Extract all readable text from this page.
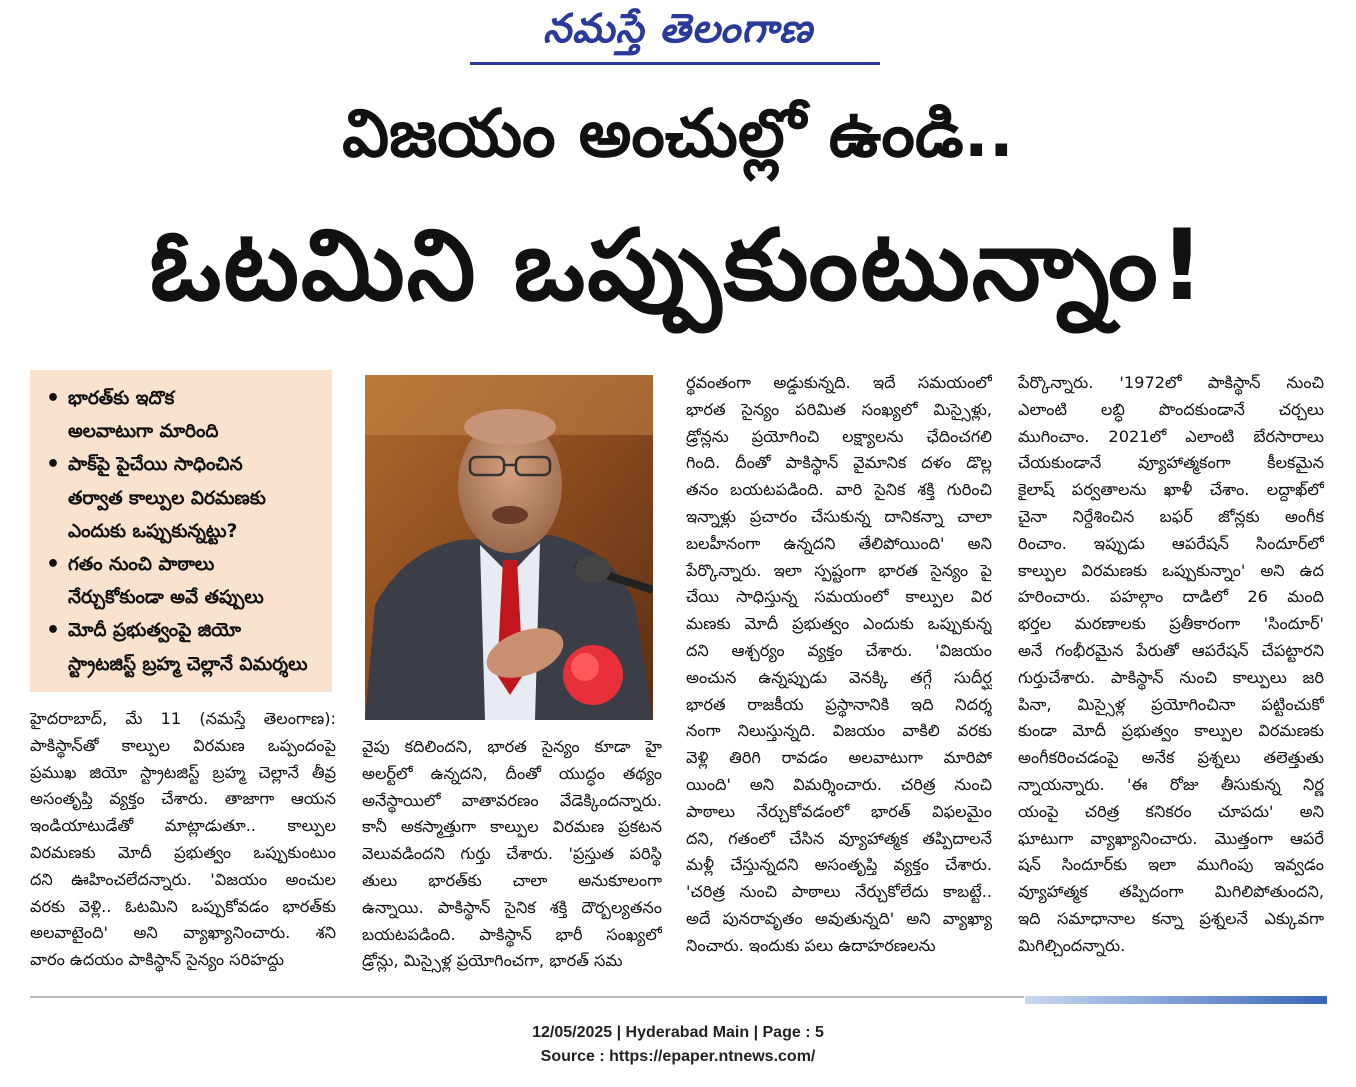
నమస్తే తెలంగాణ
విజయం అంచుల్లో ఉండి..
ఓటమిని ఒప్పుకుంటున్నాం!
భారత్‌కు ఇదొక
•
అలవాటుగా మారింది
పాక్‌పై పైచేయి సాధించిన
•
తర్వాత కాల్పుల విరమణకు
ఎందుకు ఒప్పుకున్నట్టు?
గతం నుంచి పాఠాలు
•
నేర్చుకోకుండా అవే తప్పులు
మోదీ ప్రభుత్వంపై జియో
•
స్ట్రాటజిస్ట్ బ్రహ్మ చెల్లానే విమర్శలు
హైదరాబాద్, మే 11 (నమస్తే తెలంగాణ):
పాకిస్థాన్‌తో కాల్పుల విరమణ ఒప్పందంపై
ప్రముఖ జియో స్ట్రాటజిస్ట్ బ్రహ్మ చెల్లానే తీవ్ర
అసంతృప్తి వ్యక్తం చేశారు. తాజాగా ఆయన
ఇండియాటుడేతో మాట్లాడుతూ.. కాల్పుల
విరమణకు మోదీ ప్రభుత్వం ఒప్పుకుంటుం
దని ఊహించలేదన్నారు. 'విజయం అంచుల
వరకు వెళ్లి.. ఓటమిని ఒప్పుకోవడం భారత్‌కు
అలవాటైంది' అని వ్యాఖ్యానించారు. శని
వారం ఉదయం పాకిస్థాన్ సైన్యం సరిహద్దు
వైపు కదిలిందని, భారత సైన్యం కూడా హై
అలర్ట్‌లో ఉన్నదని, దీంతో యుద్ధం తథ్యం
అనేస్థాయిలో వాతావరణం వేడెక్కిందన్నారు.
కానీ అకస్మాత్తుగా కాల్పుల విరమణ ప్రకటన
వెలువడిందని గుర్తు చేశారు. 'ప్రస్తుత పరిస్థి
తులు భారత్‌కు చాలా అనుకూలంగా
ఉన్నాయి. పాకిస్థాన్ సైనిక శక్తి దౌర్బల్యతనం
బయటపడింది. పాకిస్థాన్ భారీ సంఖ్యలో
డ్రోన్లు, మిస్సైళ్ల ప్రయోగించగా, భారత్ సమ
ర్థవంతంగా అడ్డుకున్నది. ఇదే సమయంలో
భారత సైన్యం పరిమిత సంఖ్యలో మిస్సైళ్లు,
డ్రోన్లను ప్రయోగించి లక్ష్యాలను ఛేదించగలి
గింది. దీంతో పాకిస్థాన్ వైమానిక దళం డొల్ల
తనం బయటపడింది. వారి సైనిక శక్తి గురించి
ఇన్నాళ్లు ప్రచారం చేసుకున్న దానికన్నా చాలా
బలహీనంగా ఉన్నదని తేలిపోయింది' అని
పేర్కొన్నారు. ఇలా స్పష్టంగా భారత సైన్యం పై
చేయి సాధిస్తున్న సమయంలో కాల్పుల విర
మణకు మోదీ ప్రభుత్వం ఎందుకు ఒప్పుకున్న
దని ఆశ్చర్యం వ్యక్తం చేశారు. 'విజయం
అంచున ఉన్నప్పుడు వెనక్కి తగ్గే సుదీర్ఘ
భారత రాజకీయ ప్రస్థానానికి ఇది నిదర్శ
నంగా నిలుస్తున్నది. విజయం వాకిలి వరకు
వెళ్లి తిరిగి రావడం అలవాటుగా మారిపో
యింది' అని విమర్శించారు. చరిత్ర నుంచి
పాఠాలు నేర్చుకోవడంలో భారత్ విఫలమైం
దని, గతంలో చేసిన వ్యూహాత్మక తప్పిదాలనే
మళ్లీ చేస్తున్నదని అసంతృప్తి వ్యక్తం చేశారు.
'చరిత్ర నుంచి పాఠాలు నేర్చుకోలేదు కాబట్టే..
అదే పునరావృతం అవుతున్నది' అని వ్యాఖ్యా
నించారు. ఇందుకు పలు ఉదాహరణలను
పేర్కొన్నారు. '1972లో పాకిస్థాన్ నుంచి
ఎలాంటి లబ్ధి పొందకుండానే చర్చలు
ముగించాం. 2021లో ఎలాంటి బేరసారాలు
చేయకుండానే వ్యూహాత్మకంగా కీలకమైన
కైలాష్ పర్వతాలను ఖాళీ చేశాం. లద్దాఖ్‌లో
చైనా నిర్దేశించిన బఫర్ జోన్లకు అంగీక
రించాం. ఇప్పుడు ఆపరేషన్ సిందూర్‌లో
కాల్పుల విరమణకు ఒప్పుకున్నాం' అని ఉద
హరించారు. పహల్గాం దాడిలో 26 మంది
భర్తల మరణాలకు ప్రతీకారంగా 'సిందూర్'
అనే గంభీరమైన పేరుతో ఆపరేషన్ చేపట్టారని
గుర్తుచేశారు. పాకిస్థాన్ నుంచి కాల్పులు జరి
పినా, మిస్సైళ్ల ప్రయోగించినా పట్టించుకో
కుండా మోదీ ప్రభుత్వం కాల్పుల విరమణకు
అంగీకరించడంపై అనేక ప్రశ్నలు తలెత్తుతు
న్నాయన్నారు. 'ఈ రోజు తీసుకున్న నిర్ణ
యంపై చరిత్ర కనికరం చూపదు' అని
ఘాటుగా వ్యాఖ్యానించారు. మొత్తంగా ఆపరే
షన్ సిందూర్‌కు ఇలా ముగింపు ఇవ్వడం
వ్యూహాత్మక తప్పిదంగా మిగిలిపోతుందని,
ఇది సమాధానాల కన్నా ప్రశ్నలనే ఎక్కువగా
మిగిల్చిందన్నారు.
12/05/2025 | Hyderabad Main | Page : 5
Source : https://epaper.ntnews.com/
